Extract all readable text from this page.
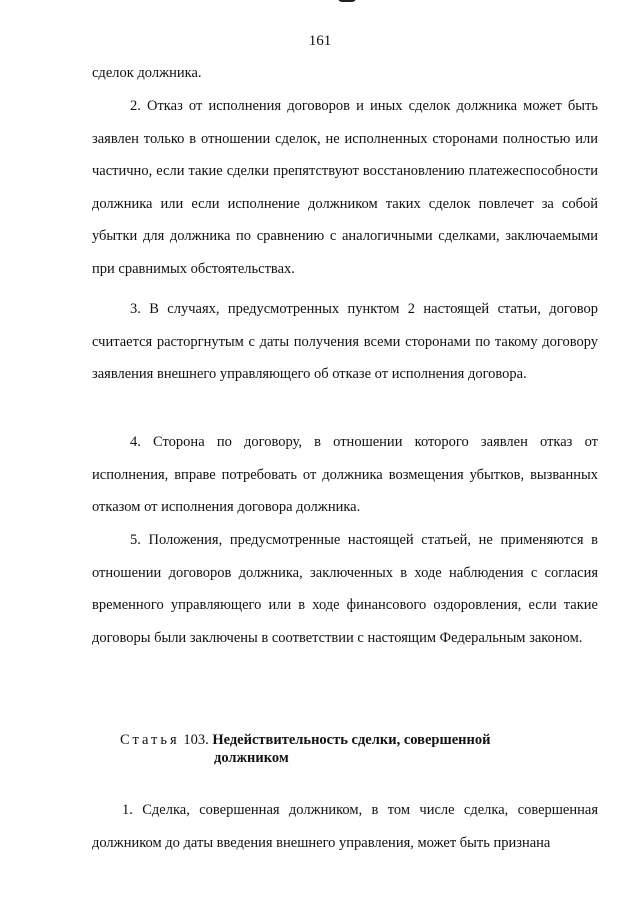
161

сделок должника.

2. Отказ от исполнения договоров и иных сделок должника может быть заявлен только в отношении сделок, не исполненных сторонами полностью или частично, если такие сделки препятствуют восстановлению платежеспособности должника или если исполнение должником таких сделок повлечет за собой убытки для должника по сравнению с аналогичными сделками, заключаемыми при сравнимых обстоятельствах.

3. В случаях, предусмотренных пунктом 2 настоящей статьи, договор считается расторгнутым с даты получения всеми сторонами по такому договору заявления внешнего управляющего об отказе от исполнения договора.

4. Сторона по договору, в отношении которого заявлен отказ от исполнения, вправе потребовать от должника возмещения убытков, вызванных отказом от исполнения договора должника.

5. Положения, предусмотренные настоящей статьей, не применяются в отношении договоров должника, заключенных в ходе наблюдения с согласия временного управляющего или в ходе финансового оздоровления, если такие договоры были заключены в соответствии с настоящим Федеральным законом.

Статья 103. Недействительность сделки, совершенной
должником

1. Сделка, совершенная должником, в том числе сделка, совершенная должником до даты введения внешнего управления, может быть признана
